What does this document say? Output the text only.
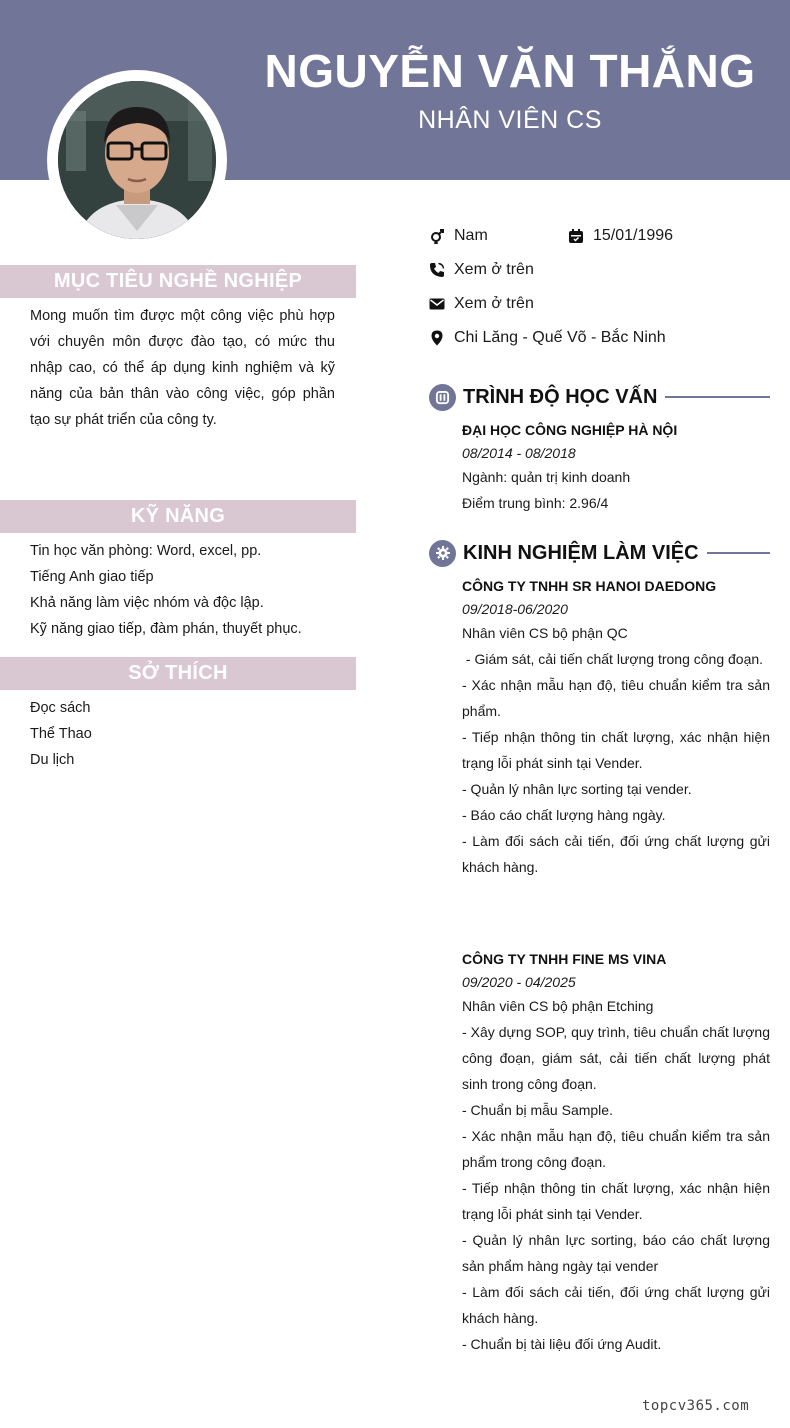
NGUYỄN VĂN THẮNG
NHÂN VIÊN CS
MỤC TIÊU NGHỀ NGHIỆP

Mong muốn tìm được một công việc phù hợp với chuyên môn được đào tạo, có mức thu nhập cao, có thể áp dụng kinh nghiệm và kỹ năng của bản thân vào công việc, góp phần tạo sự phát triển của công ty.

KỸ NĂNG
Tin học văn phòng: Word, excel, pp.
Tiếng Anh giao tiếp
Khả năng làm việc nhóm và độc lập.
Kỹ năng giao tiếp, đàm phán, thuyết phục.
SỞ THÍCH
Đọc sách
Thể Thao
Du lịch
Nam	15/01/1996
Xem ở trên
Xem ở trên
Chi Lăng - Quế Võ - Bắc Ninh
TRÌNH ĐỘ HỌC VẤN
ĐẠI HỌC CÔNG NGHIỆP HÀ NỘI
08/2014 - 08/2018
Ngành: quản trị kinh doanh
Điểm trung bình: 2.96/4
KINH NGHIỆM LÀM VIỆC
CÔNG TY TNHH SR HANOI DAEDONG
09/2018-06/2020
Nhân viên CS bộ phận QC
- Giám sát, cải tiến chất lượng trong công đoạn.
- Xác nhận mẫu hạn độ, tiêu chuẩn kiểm tra sản phẩm.
- Tiếp nhận thông tin chất lượng, xác nhận hiện trạng lỗi phát sinh tại Vender.
- Quản lý nhân lực sorting tại vender.
- Báo cáo chất lượng hàng ngày.
- Làm đối sách cải tiến, đối ứng chất lượng gửi khách hàng.
CÔNG TY TNHH FINE MS VINA
09/2020 - 04/2025
Nhân viên CS bộ phận Etching
- Xây dựng SOP, quy trình, tiêu chuẩn chất lượng công đoạn, giám sát, cải tiến chất lượng phát sinh trong công đoạn.
- Chuẩn bị mẫu Sample.
- Xác nhận mẫu hạn độ, tiêu chuẩn kiểm tra sản phẩm trong công đoạn.
- Tiếp nhận thông tin chất lượng, xác nhận hiện trạng lỗi phát sinh tại Vender.
- Quản lý nhân lực sorting, báo cáo chất lượng sản phẩm hàng ngày tại vender
- Làm đối sách cải tiến, đối ứng chất lượng gửi khách hàng.
- Chuẩn bị tài liệu đối ứng Audit.
topcv365.com
